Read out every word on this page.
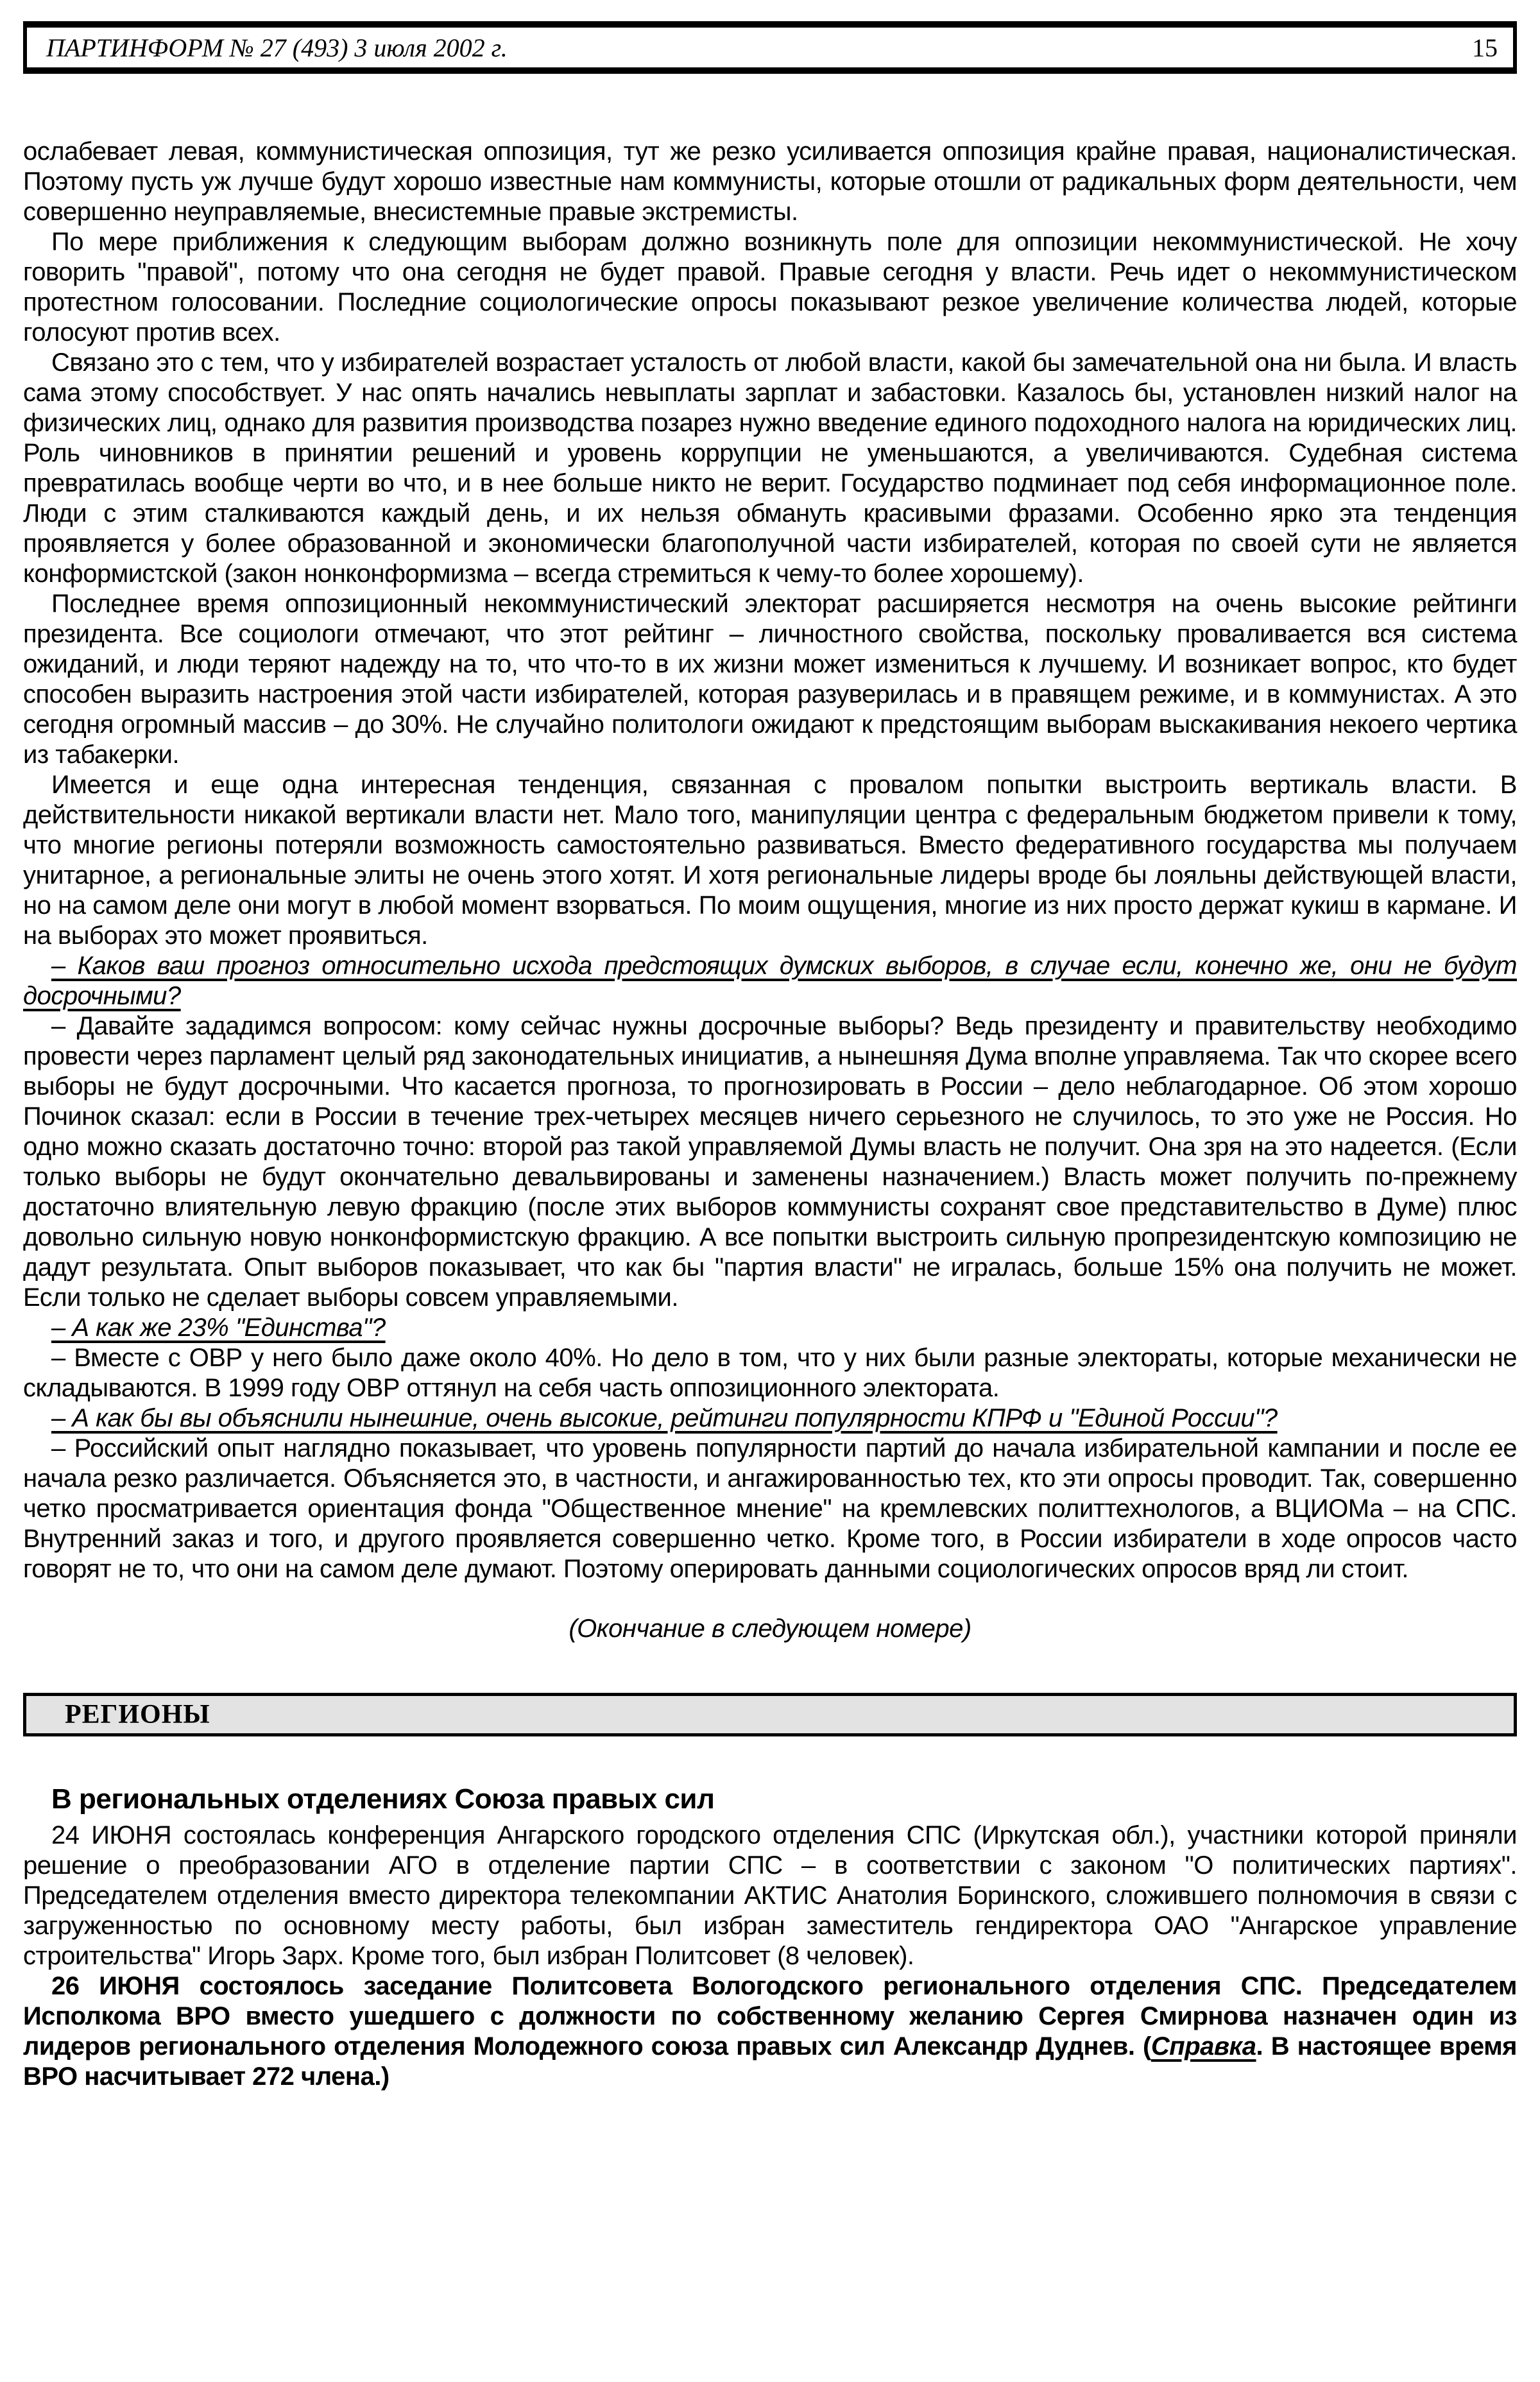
ПАРТИНФОРМ № 27 (493) 3 июля 2002 г.	15

ослабевает левая, коммунистическая оппозиция, тут же резко усиливается оппозиция крайне правая, националистическая. Поэтому пусть уж лучше будут хорошо известные нам коммунисты, которые отошли от радикальных форм деятельности, чем совершенно неуправляемые, внесистемные правые экстремисты.

По мере приближения к следующим выборам должно возникнуть поле для оппозиции некоммунистической. Не хочу говорить "правой", потому что она сегодня не будет правой. Правые сегодня у власти. Речь идет о некоммунистическом протестном голосовании. Последние социологические опросы показывают резкое увеличение количества людей, которые голосуют против всех.

Связано это с тем, что у избирателей возрастает усталость от любой власти, какой бы замечательной она ни была. И власть сама этому способствует. У нас опять начались невыплаты зарплат и забастовки. Казалось бы, установлен низкий налог на физических лиц, однако для развития производства позарез нужно введение единого подоходного налога на юридических лиц. Роль чиновников в принятии решений и уровень коррупции не уменьшаются, а увеличиваются. Судебная система превратилась вообще черти во что, и в нее больше никто не верит. Государство подминает под себя информационное поле. Люди с этим сталкиваются каждый день, и их нельзя обмануть красивыми фразами. Особенно ярко эта тенденция проявляется у более образованной и экономически благополучной части избирателей, которая по своей сути не является конформистской (закон нонконформизма – всегда стремиться к чему-то более хорошему).

Последнее время оппозиционный некоммунистический электорат расширяется несмотря на очень высокие рейтинги президента. Все социологи отмечают, что этот рейтинг – личностного свойства, поскольку проваливается вся система ожиданий, и люди теряют надежду на то, что что-то в их жизни может измениться к лучшему. И возникает вопрос, кто будет способен выразить настроения этой части избирателей, которая разуверилась и в правящем режиме, и в коммунистах. А это сегодня огромный массив – до 30%. Не случайно политологи ожидают к предстоящим выборам выскакивания некоего чертика из табакерки.

Имеется и еще одна интересная тенденция, связанная с провалом попытки выстроить вертикаль власти. В действительности никакой вертикали власти нет. Мало того, манипуляции центра с федеральным бюджетом привели к тому, что многие регионы потеряли возможность самостоятельно развиваться. Вместо федеративного государства мы получаем унитарное, а региональные элиты не очень этого хотят. И хотя региональные лидеры вроде бы лояльны действующей власти, но на самом деле они могут в любой момент взорваться. По моим ощущения, многие из них просто держат кукиш в кармане. И на выборах это может проявиться.

– Каков ваш прогноз относительно исхода предстоящих думских выборов, в случае если, конечно же, они не будут досрочными?

– Давайте зададимся вопросом: кому сейчас нужны досрочные выборы? Ведь президенту и правительству необходимо провести через парламент целый ряд законодательных инициатив, а нынешняя Дума вполне управляема. Так что скорее всего выборы не будут досрочными. Что касается прогноза, то прогнозировать в России – дело неблагодарное. Об этом хорошо Починок сказал: если в России в течение трех-четырех месяцев ничего серьезного не случилось, то это уже не Россия. Но одно можно сказать достаточно точно: второй раз такой управляемой Думы власть не получит. Она зря на это надеется. (Если только выборы не будут окончательно девальвированы и заменены назначением.) Власть может получить по-прежнему достаточно влиятельную левую фракцию (после этих выборов коммунисты сохранят свое представительство в Думе) плюс довольно сильную новую нонконформистскую фракцию. А все попытки выстроить сильную пропрезидентскую композицию не дадут результата. Опыт выборов показывает, что как бы "партия власти" не игралась, больше 15% она получить не может. Если только не сделает выборы совсем управляемыми.

– А как же 23% "Единства"?

– Вместе с ОВР у него было даже около 40%. Но дело в том, что у них были разные электораты, которые механически не складываются. В 1999 году ОВР оттянул на себя часть оппозиционного электората.

– А как бы вы объяснили нынешние, очень высокие, рейтинги популярности КПРФ и "Единой России"?

– Российский опыт наглядно показывает, что уровень популярности партий до начала избирательной кампании и после ее начала резко различается. Объясняется это, в частности, и ангажированностью тех, кто эти опросы проводит. Так, совершенно четко просматривается ориентация фонда "Общественное мнение" на кремлевских политтехнологов, а ВЦИОМа – на СПС. Внутренний заказ и того, и другого проявляется совершенно четко. Кроме того, в России избиратели в ходе опросов часто говорят не то, что они на самом деле думают. Поэтому оперировать данными социологических опросов вряд ли стоит.

(Окончание в следующем номере)

РЕГИОНЫ
В региональных отделениях Союза правых сил

24 ИЮНЯ состоялась конференция Ангарского городского отделения СПС (Иркутская обл.), участники которой приняли решение о преобразовании АГО в отделение партии СПС – в соответствии с законом "О политических партиях". Председателем отделения вместо директора телекомпании АКТИС Анатолия Боринского, сложившего полномочия в связи с загруженностью по основному месту работы, был избран заместитель гендиректора ОАО "Ангарское управление строительства" Игорь Зарх. Кроме того, был избран Политсовет (8 человек).

26 ИЮНЯ состоялось заседание Политсовета Вологодского регионального отделения СПС. Председателем Исполкома ВРО вместо ушедшего с должности по собственному желанию Сергея Смирнова назначен один из лидеров регионального отделения Молодежного союза правых сил Александр Дуднев. (Справка. В настоящее время ВРО насчитывает 272 члена.)
